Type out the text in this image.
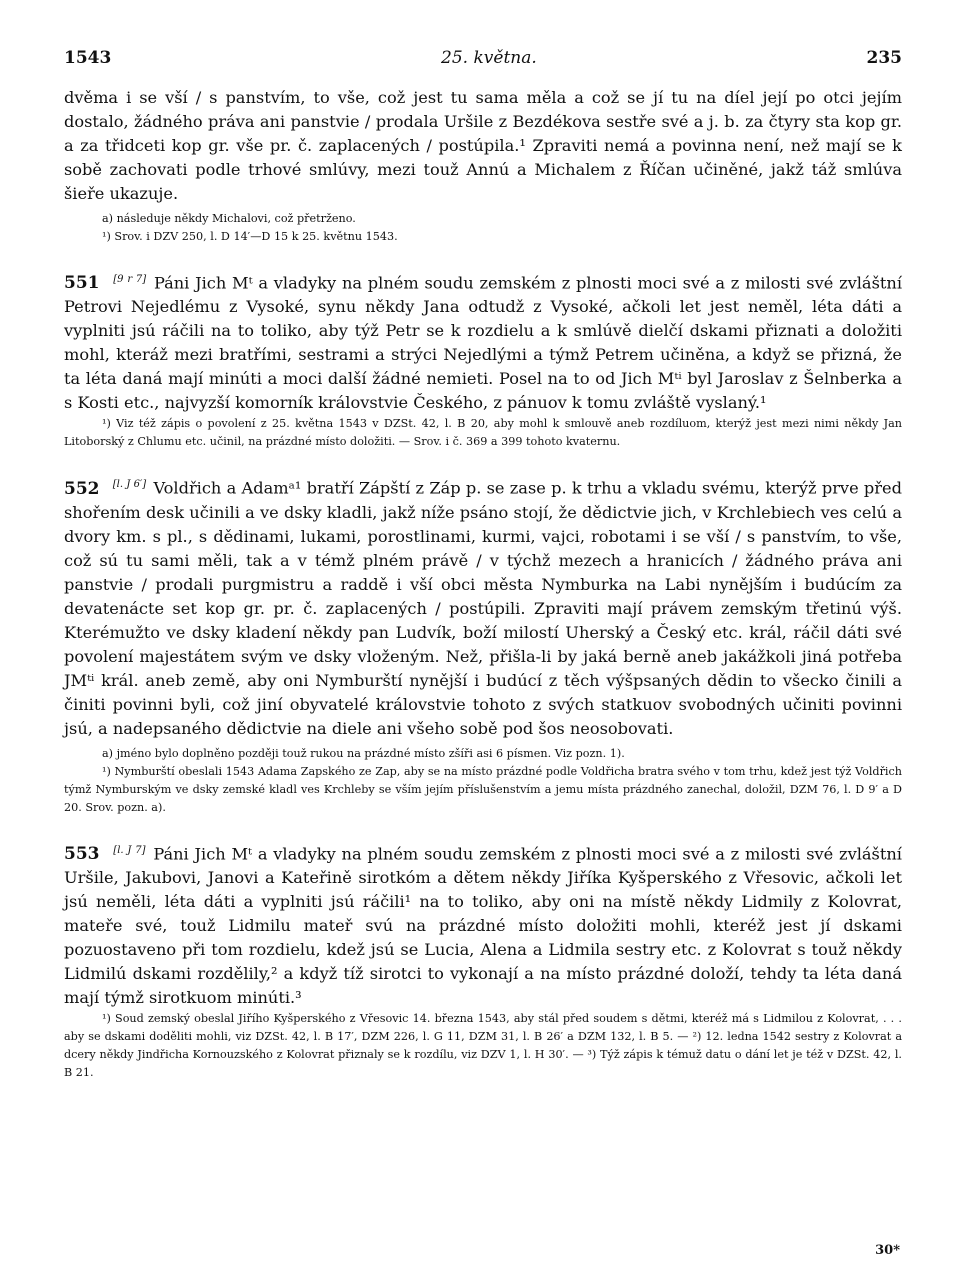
1543	25. května.	235

dvěma i se vší / s panstvím, to vše, což jest tu sama měla a což se jí tu na díel její po otci jejím dostalo, žádného práva ani panstvie / prodala Uršile z Bezdékova sestře své a j. b. za čtyry sta kop gr. a za třidceti kop gr. vše pr. č. zaplacených / postúpila.¹ Zpraviti nemá a povinna není, než mají se k sobě zachovati podle trhové smlúvy, mezi touž Annú a Michalem z Říčan učiněné, jakž táž smlúva šieře ukazuje.

a) následuje někdy Michalovi, což přetrženo.

¹) Srov. i DZV 250, l. D 14′—D 15 k 25. květnu 1543.

551 [9 r 7] Páni Jich Mᵗ a vladyky na plném soudu zemském z plnosti moci své a z milosti své zvláštní Petrovi Nejedlému z Vysoké, synu někdy Jana odtudž z Vysoké, ačkoli let jest neměl, léta dáti a vyplniti jsú ráčili na to toliko, aby týž Petr se k rozdielu a k smlúvě dielčí dskami přiznati a doložiti mohl, kteráž mezi bratřími, sestrami a strýci Nejedlými a týmž Petrem učiněna, a když se přizná, že ta léta daná mají minúti a moci další žádné nemieti. Posel na to od Jich Mᵗⁱ byl Jaroslav z Šelnberka a s Kosti etc., najvyzší komorník královstvie Českého, z pánuov k tomu zvláště vyslaný.¹

¹) Viz též zápis o povolení z 25. května 1543 v DZSt. 42, l. B 20, aby mohl k smlouvě aneb rozdíluom, kterýž jest mezi nimi někdy Jan Litoborský z Chlumu etc. učinil, na prázdné místo doložiti. — Srov. i č. 369 a 399 tohoto kvaternu.

552 [l. J 6′] Voldřich a Adamᵃ¹ bratří Zápští z Záp p. se zase p. k trhu a vkladu svému, kterýž prve před shořením desk učinili a ve dsky kladli, jakž níže psáno stojí, že dědictvie jich, v Krchlebiech ves celú a dvory km. s pl., s dědinami, lukami, porostlinami, kurmi, vajci, robotami i se vší / s panstvím, to vše, což sú tu sami měli, tak a v témž plném právě / v týchž mezech a hranicích / žádného práva ani panstvie / prodali purgmistru a raddě i vší obci města Nymburka na Labi nynějším i budúcím za devatenácte set kop gr. pr. č. zaplacených / postúpili. Zpraviti mají právem zemským třetinú výš. Kterémužto ve dsky kladení někdy pan Ludvík, boží milostí Uherský a Český etc. král, ráčil dáti své povolení majestátem svým ve dsky vloženým. Než, přišla-li by jaká berně aneb jakážkoli jiná potřeba JMᵗⁱ král. aneb země, aby oni Nymburští nynější i budúcí z těch výšpsaných dědin to všecko činili a činiti povinni byli, což jiní obyvatelé královstvie tohoto z svých statkuov svobodných učiniti povinni jsú, a nadepsaného dědictvie na diele ani všeho sobě pod šos neosobovati.

a) jméno bylo doplněno později touž rukou na prázdné místo zšíři asi 6 písmen. Viz pozn. 1).

¹) Nymburští obeslali 1543 Adama Zapského ze Zap, aby se na místo prázdné podle Voldřicha bratra svého v tom trhu, kdež jest týž Voldřich týmž Nymburským ve dsky zemské kladl ves Krchleby se vším jejím příslušenstvím a jemu místa prázdného zanechal, doložil, DZM 76, l. D 9′ a D 20. Srov. pozn. a).

553 [l. J 7] Páni Jich Mᵗ a vladyky na plném soudu zemském z plnosti moci své a z milosti své zvláštní Uršile, Jakubovi, Janovi a Kateřině sirotkóm a dětem někdy Jiříka Kyšperského z Vřesovic, ačkoli let jsú neměli, léta dáti a vyplniti jsú ráčili¹ na to toliko, aby oni na místě někdy Lidmily z Kolovrat, mateře své, touž Lidmilu mateř svú na prázdné místo doložiti mohli, kteréž jest jí dskami pozuostaveno při tom rozdielu, kdež jsú se Lucia, Alena a Lidmila sestry etc. z Kolovrat s touž někdy Lidmilú dskami rozdělily,² a když tíž sirotci to vykonají a na místo prázdné doloží, tehdy ta léta daná mají týmž sirotkuom minúti.³

¹) Soud zemský obeslal Jiřího Kyšperského z Vřesovic 14. března 1543, aby stál před soudem s dětmi, kteréž má s Lidmilou z Kolovrat, . . . aby se dskami doděliti mohli, viz DZSt. 42, l. B 17′, DZM 226, l. G 11, DZM 31, l. B 26′ a DZM 132, l. B 5. — ²) 12. lednа 1542 sestry z Kolovrat a dcery někdy Jindřicha Kornouzského z Kolovrat přiznaly se k rozdílu, viz DZV 1, l. H 30′. — ³) Týž zápis k témuž datu o dání let je též v DZSt. 42, l. B 21.

30*
